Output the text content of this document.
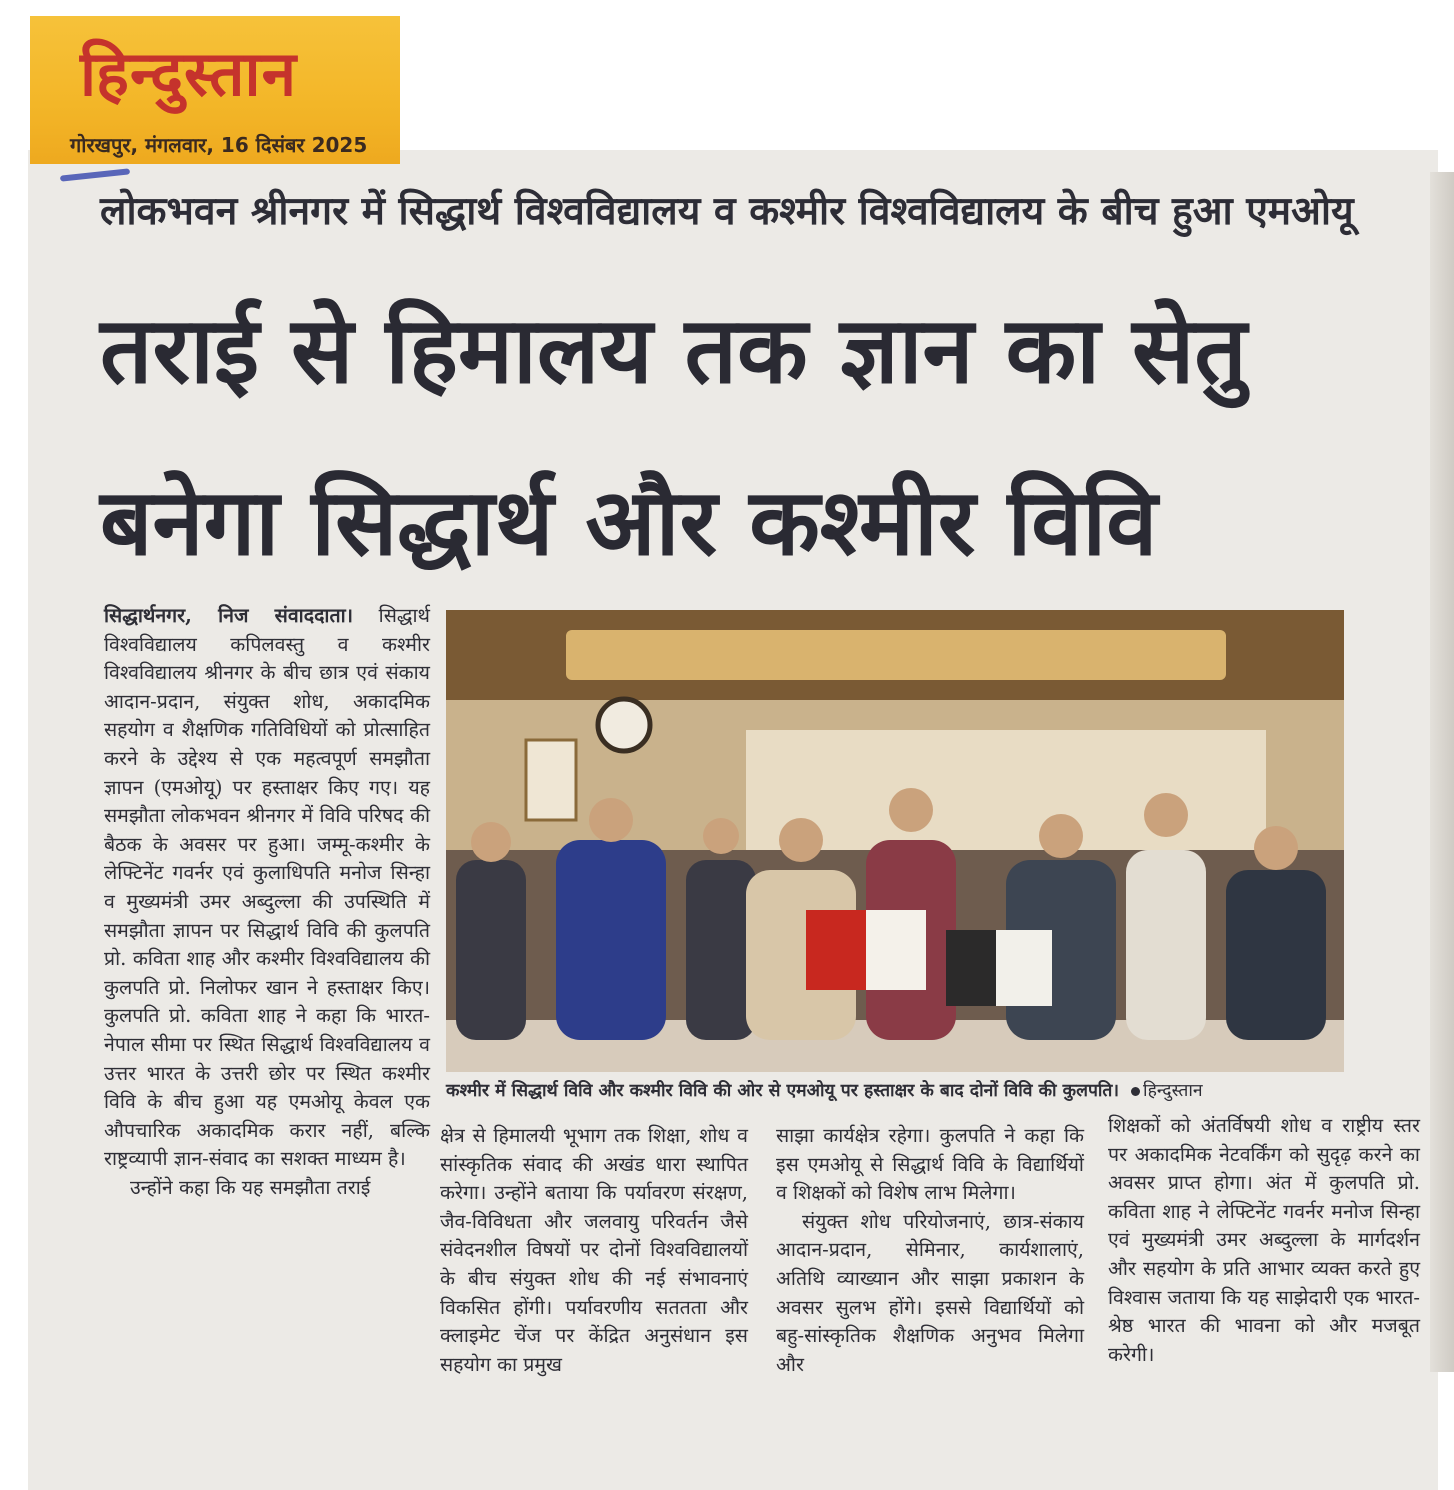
हिन्दुस्तान
गोरखपुर, मंगलवार, 16 दिसंबर 2025
लोकभवन श्रीनगर में सिद्धार्थ विश्वविद्यालय व कश्मीर विश्वविद्यालय के बीच हुआ एमओयू
तराई से हिमालय तक ज्ञान का सेतु
बनेगा सिद्धार्थ और कश्मीर विवि

सिद्धार्थनगर, निज संवाददाता। सिद्धार्थ विश्वविद्यालय कपिलवस्तु व कश्मीर विश्वविद्यालय श्रीनगर के बीच छात्र एवं संकाय आदान-प्रदान, संयुक्त शोध, अकादमिक सहयोग व शैक्षणिक गतिविधियों को प्रोत्साहित करने के उद्देश्य से एक महत्वपूर्ण समझौता ज्ञापन (एमओयू) पर हस्ताक्षर किए गए। यह समझौता लोकभवन श्रीनगर में विवि परिषद की बैठक के अवसर पर हुआ। जम्मू-कश्मीर के लेफ्टिनेंट गवर्नर एवं कुलाधिपति मनोज सिन्हा व मुख्यमंत्री उमर अब्दुल्ला की उपस्थिति में समझौता ज्ञापन पर सिद्धार्थ विवि की कुलपति प्रो. कविता शाह और कश्मीर विश्वविद्यालय की कुलपति प्रो. निलोफर खान ने हस्ताक्षर किए। कुलपति प्रो. कविता शाह ने कहा कि भारत-नेपाल सीमा पर स्थित सिद्धार्थ विश्वविद्यालय व उत्तर भारत के उत्तरी छोर पर स्थित कश्मीर विवि के बीच हुआ यह एमओयू केवल एक औपचारिक अकादमिक करार नहीं, बल्कि राष्ट्रव्यापी ज्ञान-संवाद का सशक्त माध्यम है।

उन्होंने कहा कि यह समझौता तराई

कश्मीर में सिद्धार्थ विवि और कश्मीर विवि की ओर से एमओयू पर हस्ताक्षर के बाद दोनों विवि की कुलपति। हिन्दुस्तान

क्षेत्र से हिमालयी भूभाग तक शिक्षा, शोध व सांस्कृतिक संवाद की अखंड धारा स्थापित करेगा। उन्होंने बताया कि पर्यावरण संरक्षण, जैव-विविधता और जलवायु परिवर्तन जैसे संवेदनशील विषयों पर दोनों विश्वविद्यालयों के बीच संयुक्त शोध की नई संभावनाएं विकसित होंगी। पर्यावरणीय सततता और क्लाइमेट चेंज पर केंद्रित अनुसंधान इस सहयोग का प्रमुख

साझा कार्यक्षेत्र रहेगा। कुलपति ने कहा कि इस एमओयू से सिद्धार्थ विवि के विद्यार्थियों व शिक्षकों को विशेष लाभ मिलेगा।

संयुक्त शोध परियोजनाएं, छात्र-संकाय आदान-प्रदान, सेमिनार, कार्यशालाएं, अतिथि व्याख्यान और साझा प्रकाशन के अवसर सुलभ होंगे। इससे विद्यार्थियों को बहु-सांस्कृतिक शैक्षणिक अनुभव मिलेगा और

शिक्षकों को अंतर्विषयी शोध व राष्ट्रीय स्तर पर अकादमिक नेटवर्किंग को सुदृढ़ करने का अवसर प्राप्त होगा। अंत में कुलपति प्रो. कविता शाह ने लेफ्टिनेंट गवर्नर मनोज सिन्हा एवं मुख्यमंत्री उमर अब्दुल्ला के मार्गदर्शन और सहयोग के प्रति आभार व्यक्त करते हुए विश्वास जताया कि यह साझेदारी एक भारत-श्रेष्ठ भारत की भावना को और मजबूत करेगी।
